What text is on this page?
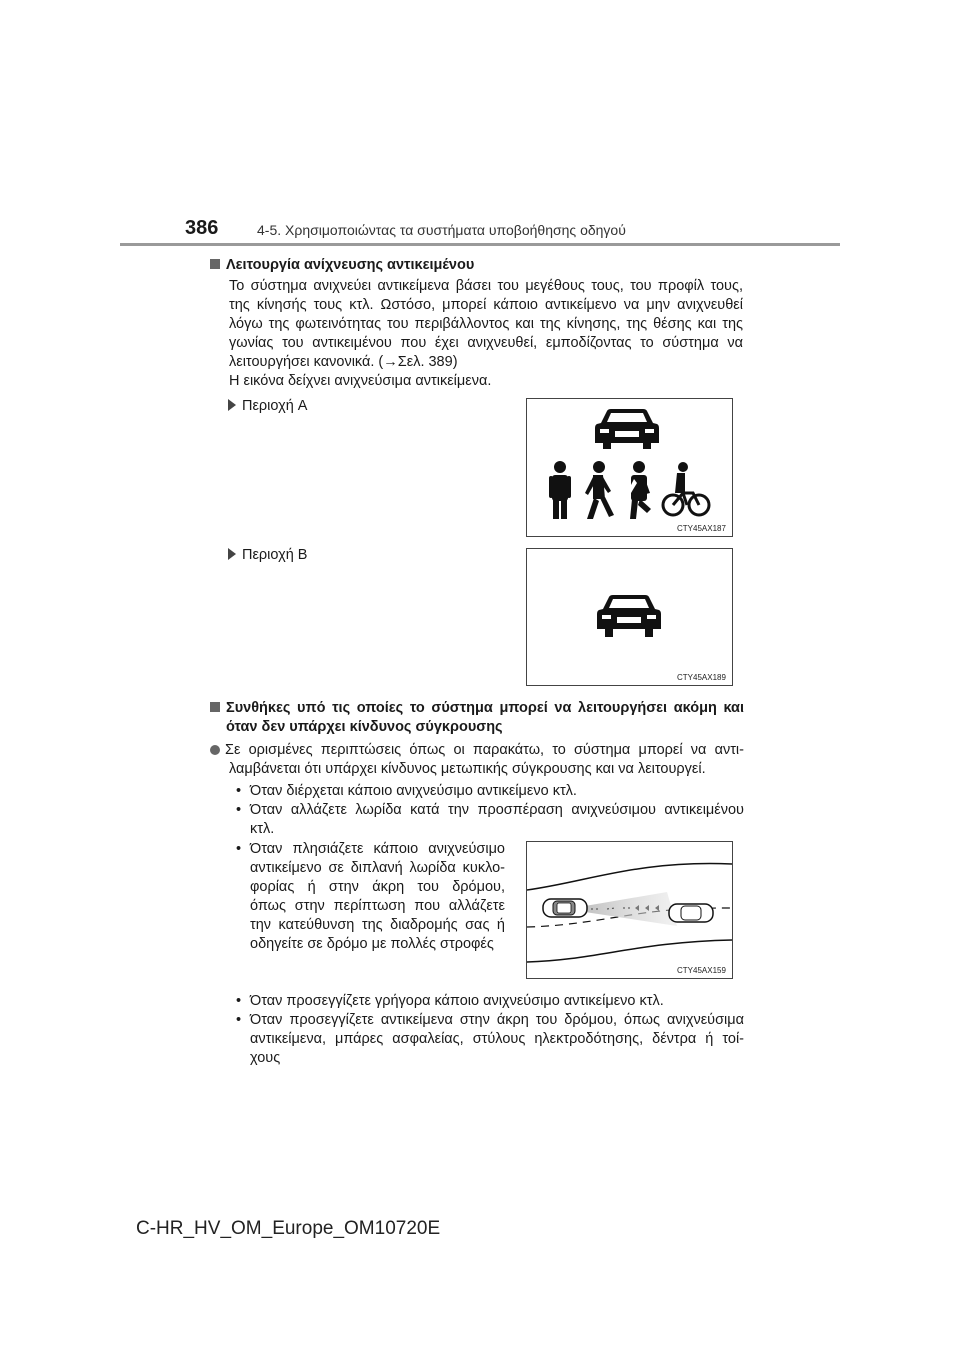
386	4-5. Χρησιμοποιώντας τα συστήματα υποβοήθησης οδηγού
Λειτουργία ανίχνευσης αντικειμένου
Το σύστημα ανιχνεύει αντικείμενα βάσει του μεγέθους τους, του προφίλ τους,
της κίνησής τους κτλ. Ωστόσο, μπορεί κάποιο αντικείμενο να μην ανιχνευθεί
λόγω της φωτεινότητας του περιβάλλοντος και της κίνησης, της θέσης και της
γωνίας του αντικειμένου που έχει ανιχνευθεί, εμποδίζοντας το σύστημα να
λειτουργήσει κανονικά. (→Σελ. 389)
Η εικόνα δείχνει ανιχνεύσιμα αντικείμενα.
Περιοχή A
CTY45AX187
Περιοχή B
CTY45AX189
Συνθήκες υπό τις οποίες το σύστημα μπορεί να λειτουργήσει ακόμη και
όταν δεν υπάρχει κίνδυνος σύγκρουσης
Σε ορισμένες περιπτώσεις όπως οι παρακάτω, το σύστημα μπορεί να αντι-
λαμβάνεται ότι υπάρχει κίνδυνος μετωπικής σύγκρουσης και να λειτουργεί.
• Όταν διέρχεται κάποιο ανιχνεύσιμο αντικείμενο κτλ.
• Όταν αλλάζετε λωρίδα κατά την προσπέραση ανιχνεύσιμου αντικειμένου
κτλ.
• Όταν πλησιάζετε κάποιο ανιχνεύσιμο
αντικείμενο σε διπλανή λωρίδα κυκλο-
φορίας ή στην άκρη του δρόμου,
όπως στην περίπτωση που αλλάζετε
την κατεύθυνση της διαδρομής σας ή
οδηγείτε σε δρόμο με πολλές στροφές
CTY45AX159
• Όταν προσεγγίζετε γρήγορα κάποιο ανιχνεύσιμο αντικείμενο κτλ.
• Όταν προσεγγίζετε αντικείμενα στην άκρη του δρόμου, όπως ανιχνεύσιμα
αντικείμενα, μπάρες ασφαλείας, στύλους ηλεκτροδότησης, δέντρα ή τοί-
χους
C-HR_HV_OM_Europe_OM10720E
